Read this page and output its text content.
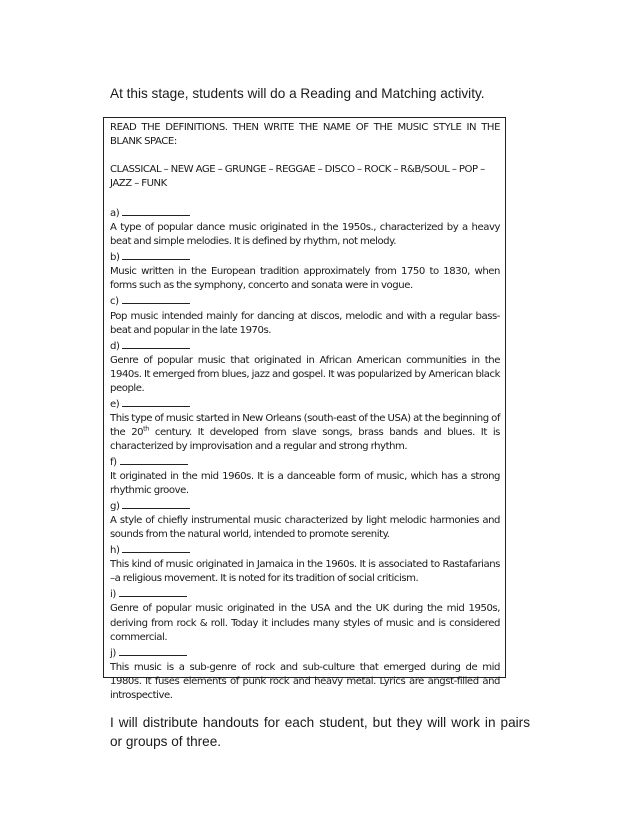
At this stage, students will do a Reading and Matching activity.

READ THE DEFINITIONS. THEN WRITE THE NAME OF THE MUSIC STYLE IN THE BLANK SPACE:

CLASSICAL – NEW AGE – GRUNGE – REGGAE – DISCO – ROCK – R&B/SOUL – POP – JAZZ – FUNK

a)

A type of popular dance music originated in the 1950s., characterized by a heavy beat and simple melodies. It is defined by rhythm, not melody.

b)

Music written in the European tradition approximately from 1750 to 1830, when forms such as the symphony, concerto and sonata were in vogue.

c)

Pop music intended mainly for dancing at discos, melodic and with a regular bass-beat and popular in the late 1970s.

d)

Genre of popular music that originated in African American communities in the 1940s. It emerged from blues, jazz and gospel. It was popularized by American black people.

e)

This type of music started in New Orleans (south-east of the USA) at the beginning of the 20th century. It developed from slave songs, brass bands and blues. It is characterized by improvisation and a regular and strong rhythm.

f)

It originated in the mid 1960s. It is a danceable form of music, which has a strong rhythmic groove.

g)

A style of chiefly instrumental music characterized by light melodic harmonies and sounds from the natural world, intended to promote serenity.

h)

This kind of music originated in Jamaica in the 1960s. It is associated to Rastafarians –a religious movement. It is noted for its tradition of social criticism.

i)

Genre of popular music originated in the USA and the UK during the mid 1950s, deriving from rock & roll. Today it includes many styles of music and is considered commercial.

j)

This music is a sub-genre of rock and sub-culture that emerged during de mid 1980s. It fuses elements of punk rock and heavy metal. Lyrics are angst-filled and introspective.

I will distribute handouts for each student, but they will work in pairs or groups of three.
